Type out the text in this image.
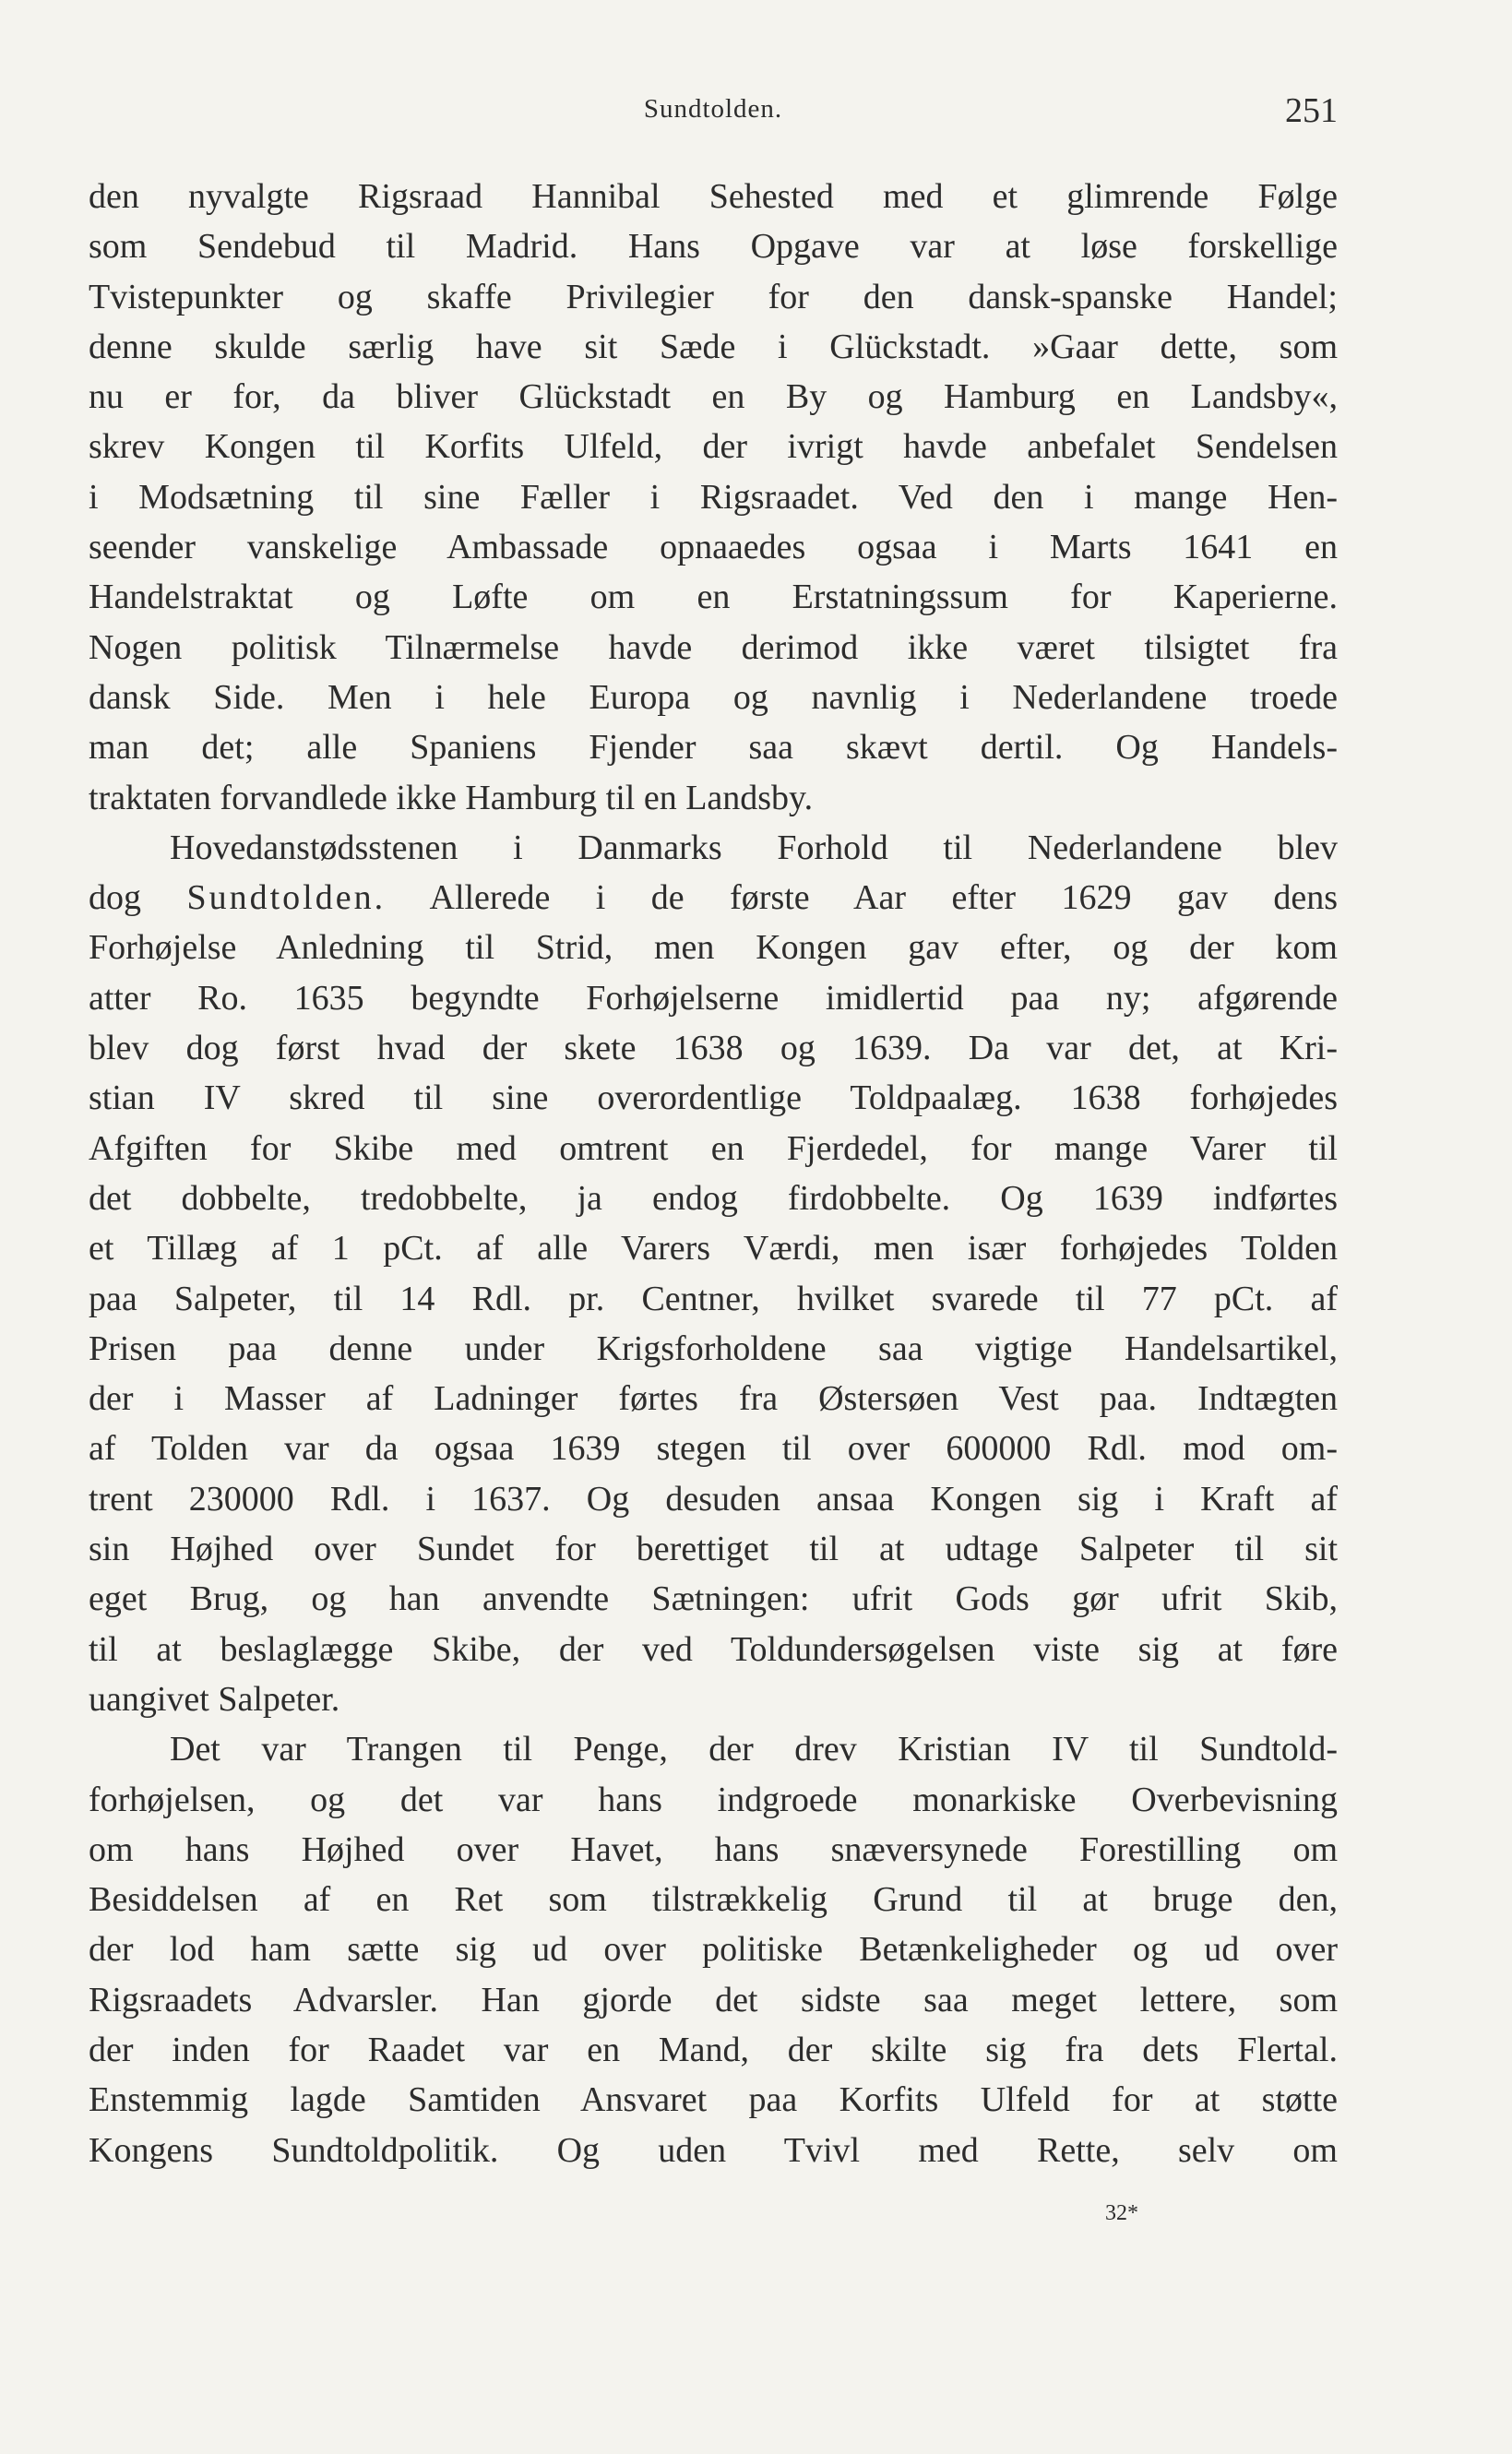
Sundtolden.	251
den nyvalgte Rigsraad Hannibal Sehested med et glimrende Følge
som Sendebud til Madrid. Hans Opgave var at løse forskellige
Tvistepunkter og skaffe Privilegier for den dansk-spanske Handel;
denne skulde særlig have sit Sæde i Glückstadt. »Gaar dette, som
nu er for, da bliver Glückstadt en By og Hamburg en Landsby«,
skrev Kongen til Korfits Ulfeld, der ivrigt havde anbefalet Sendelsen
i Modsætning til sine Fæller i Rigsraadet. Ved den i mange Hen-
seender vanskelige Ambassade opnaaedes ogsaa i Marts 1641 en
Handelstraktat og Løfte om en Erstatningssum for Kaperierne.
Nogen politisk Tilnærmelse havde derimod ikke været tilsigtet fra
dansk Side. Men i hele Europa og navnlig i Nederlandene troede
man det; alle Spaniens Fjender saa skævt dertil. Og Handels-
traktaten forvandlede ikke Hamburg til en Landsby.
Hovedanstødsstenen i Danmarks Forhold til Nederlandene blev
dog Sundtolden. Allerede i de første Aar efter 1629 gav dens
Forhøjelse Anledning til Strid, men Kongen gav efter, og der kom
atter Ro. 1635 begyndte Forhøjelserne imidlertid paa ny; afgørende
blev dog først hvad der skete 1638 og 1639. Da var det, at Kri-
stian IV skred til sine overordentlige Toldpaalæg. 1638 forhøjedes
Afgiften for Skibe med omtrent en Fjerdedel, for mange Varer til
det dobbelte, tredobbelte, ja endog firdobbelte. Og 1639 indførtes
et Tillæg af 1 pCt. af alle Varers Værdi, men især forhøjedes Tolden
paa Salpeter, til 14 Rdl. pr. Centner, hvilket svarede til 77 pCt. af
Prisen paa denne under Krigsforholdene saa vigtige Handelsartikel,
der i Masser af Ladninger førtes fra Østersøen Vest paa. Indtægten
af Tolden var da ogsaa 1639 stegen til over 600000 Rdl. mod om-
trent 230000 Rdl. i 1637. Og desuden ansaa Kongen sig i Kraft af
sin Højhed over Sundet for berettiget til at udtage Salpeter til sit
eget Brug, og han anvendte Sætningen: ufrit Gods gør ufrit Skib,
til at beslaglægge Skibe, der ved Toldundersøgelsen viste sig at føre
uangivet Salpeter.
Det var Trangen til Penge, der drev Kristian IV til Sundtold-
forhøjelsen, og det var hans indgroede monarkiske Overbevisning
om hans Højhed over Havet, hans snæversynede Forestilling om
Besiddelsen af en Ret som tilstrækkelig Grund til at bruge den,
der lod ham sætte sig ud over politiske Betænkeligheder og ud over
Rigsraadets Advarsler. Han gjorde det sidste saa meget lettere, som
der inden for Raadet var en Mand, der skilte sig fra dets Flertal.
Enstemmig lagde Samtiden Ansvaret paa Korfits Ulfeld for at støtte
Kongens Sundtoldpolitik. Og uden Tvivl med Rette, selv om
32*
